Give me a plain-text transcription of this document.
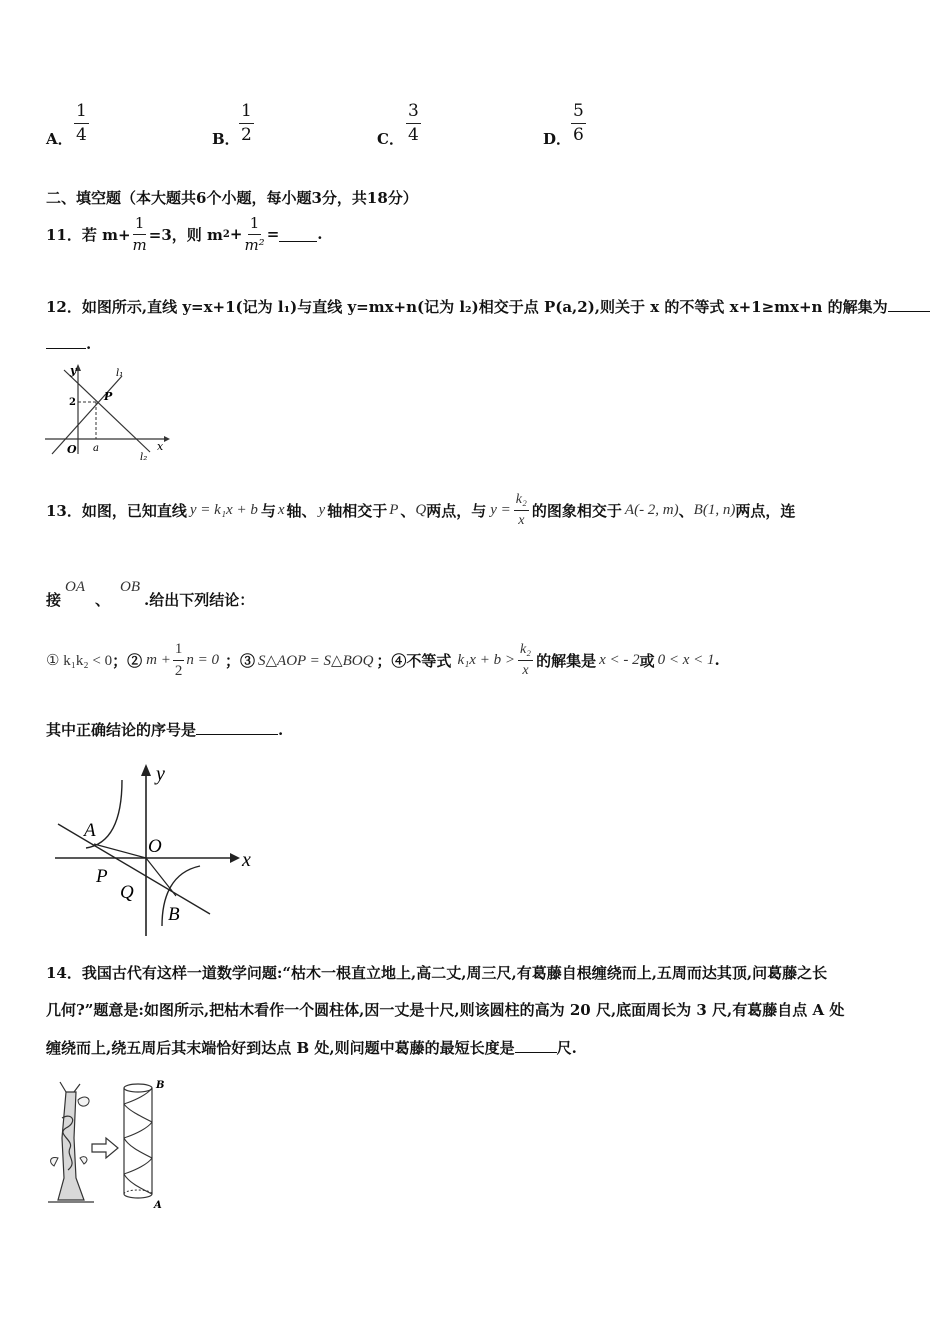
A． $\frac{1}{4}$	B． $\frac{1}{2}$	C． $\frac{3}{4}$	D． $\frac{5}{6}$
二、填空题（本大题共6个小题，每小题3分，共18分）
11． 若 $m+ \frac{1}{m} =3$，则 m $2 + \frac{1}{\text{m²}}$ =	.
12．如图所示,直线 y=x+1(记为 l₁)与直线 y=mx+n(记为 l₂)相交于点 P(a,2),则关于 x 的不等式 x+1≥mx+n 的解集为
.
y
x
O a
2	P
l₁
l₂
13． 如图，已知直线 y = k₁x + b 与 x 轴、 y 轴相交于 P 、 Q 两点，与 $y = \frac{\text{k₂}}{x}$ 的图象相交于 A(- 2, m) 、 B(1, n) 两点，连
接
OA
、
OB
.给出下列结论：
① k₁k₂ < 0 ；② $m + \frac{1}{2}$ n = 0 ；③ S△AOP = S△BOQ ；④不等式 $k_1x + b > \frac{\text{k₂}}{x}$ 的解集是 x < - 2 或 0 < x < 1 .
其中正确结论的序号是	.
y
x
O
A
P
Q
B
14．我国古代有这样一道数学问题:“枯木一根直立地上,高二丈,周三尺,有葛藤自根缠绕而上,五周而达其顶,问葛藤之长
几何?”题意是:如图所示,把枯木看作一个圆柱体,因一丈是十尺,则该圆柱的高为 20 尺,底面周长为 3 尺,有葛藤自点 A 处
缠绕而上,绕五周后其末端恰好到达点 B 处,则问题中葛藤的最短长度是	尺.
B
A
